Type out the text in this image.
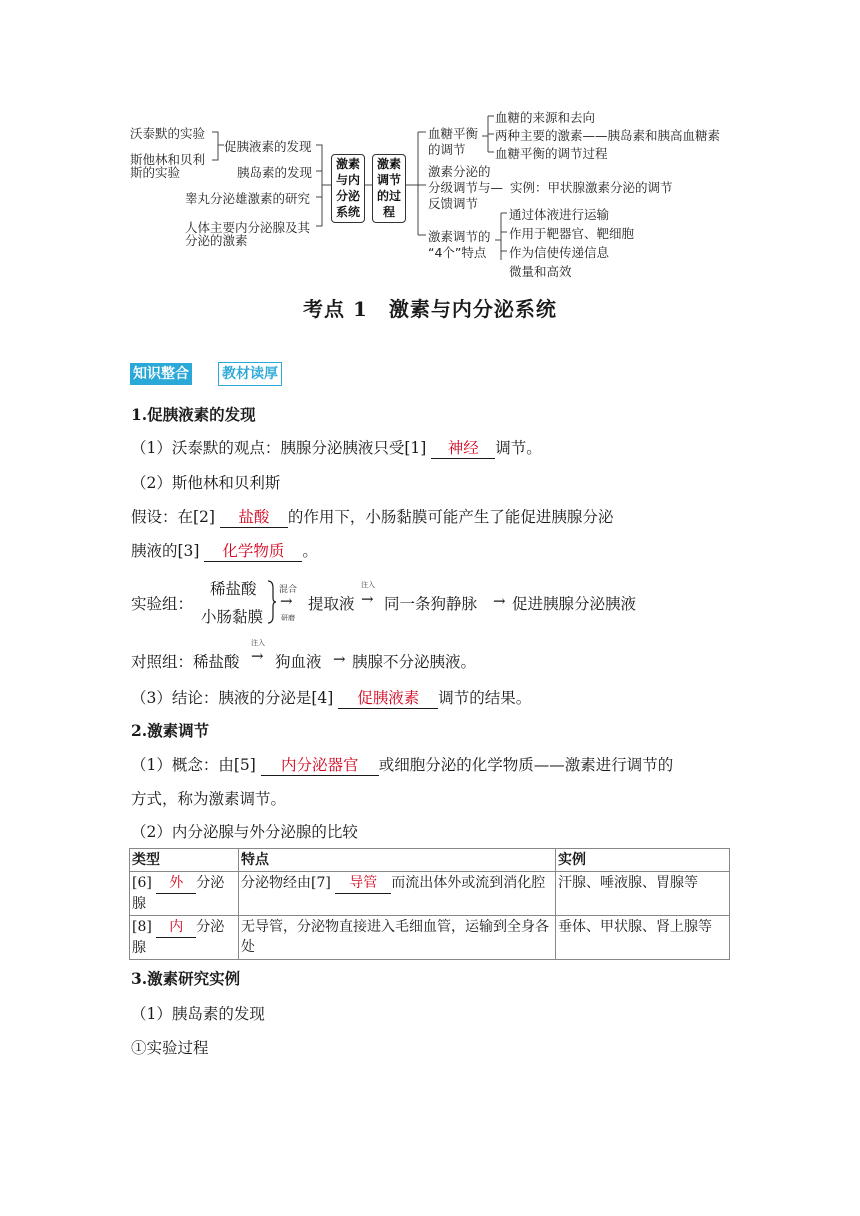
沃泰默的实验
斯他林和贝利
斯的实验
促胰液素的发现
胰岛素的发现
睾丸分泌雄激素的研究
人体主要内分泌腺及其
分泌的激素
激素
与内
分泌
系统
激素
调节
的过
程
血糖平衡
的调节
血糖的来源和去向
两种主要的激素——胰岛素和胰高血糖素
血糖平衡的调节过程
激素分泌的
分级调节与—
反馈调节
实例：甲状腺激素分泌的调节
激素调节的
“4个”特点
通过体液进行运输
作用于靶器官、靶细胞
作为信使传递信息
微量和高效
考点 1　激素与内分泌系统
知识整合 教材读厚
1.促胰液素的发现
（1）沃泰默的观点：胰腺分泌胰液只受[1] 神经 调节。
（2）斯他林和贝利斯
假设：在[2] 盐酸 的作用下，小肠黏膜可能产生了能促进胰腺分泌
胰液的[3] 化学物质 。
实验组：
稀盐酸
小肠黏膜
混合
→
研磨
提取液
注入
→ 同一条狗静脉 → 促进胰腺分泌胰液
对照组：稀盐酸
注入
→ 狗血液 → 胰腺不分泌胰液。
（3）结论：胰液的分泌是[4] 促胰液素 调节的结果。
2.激素调节
（1）概念：由[5] 内分泌器官 或细胞分泌的化学物质——激素进行调节的
方式，称为激素调节。
（2）内分泌腺与外分泌腺的比较
类型	特点	实例
[6] 外 分泌腺	分泌物经由[7] 导管 而流出体外或流到消化腔	汗腺、唾液腺、胃腺等
[8] 内 分泌腺	无导管，分泌物直接进入毛细血管，运输到全身各处	垂体、甲状腺、肾上腺等
3.激素研究实例
（1）胰岛素的发现
①实验过程
